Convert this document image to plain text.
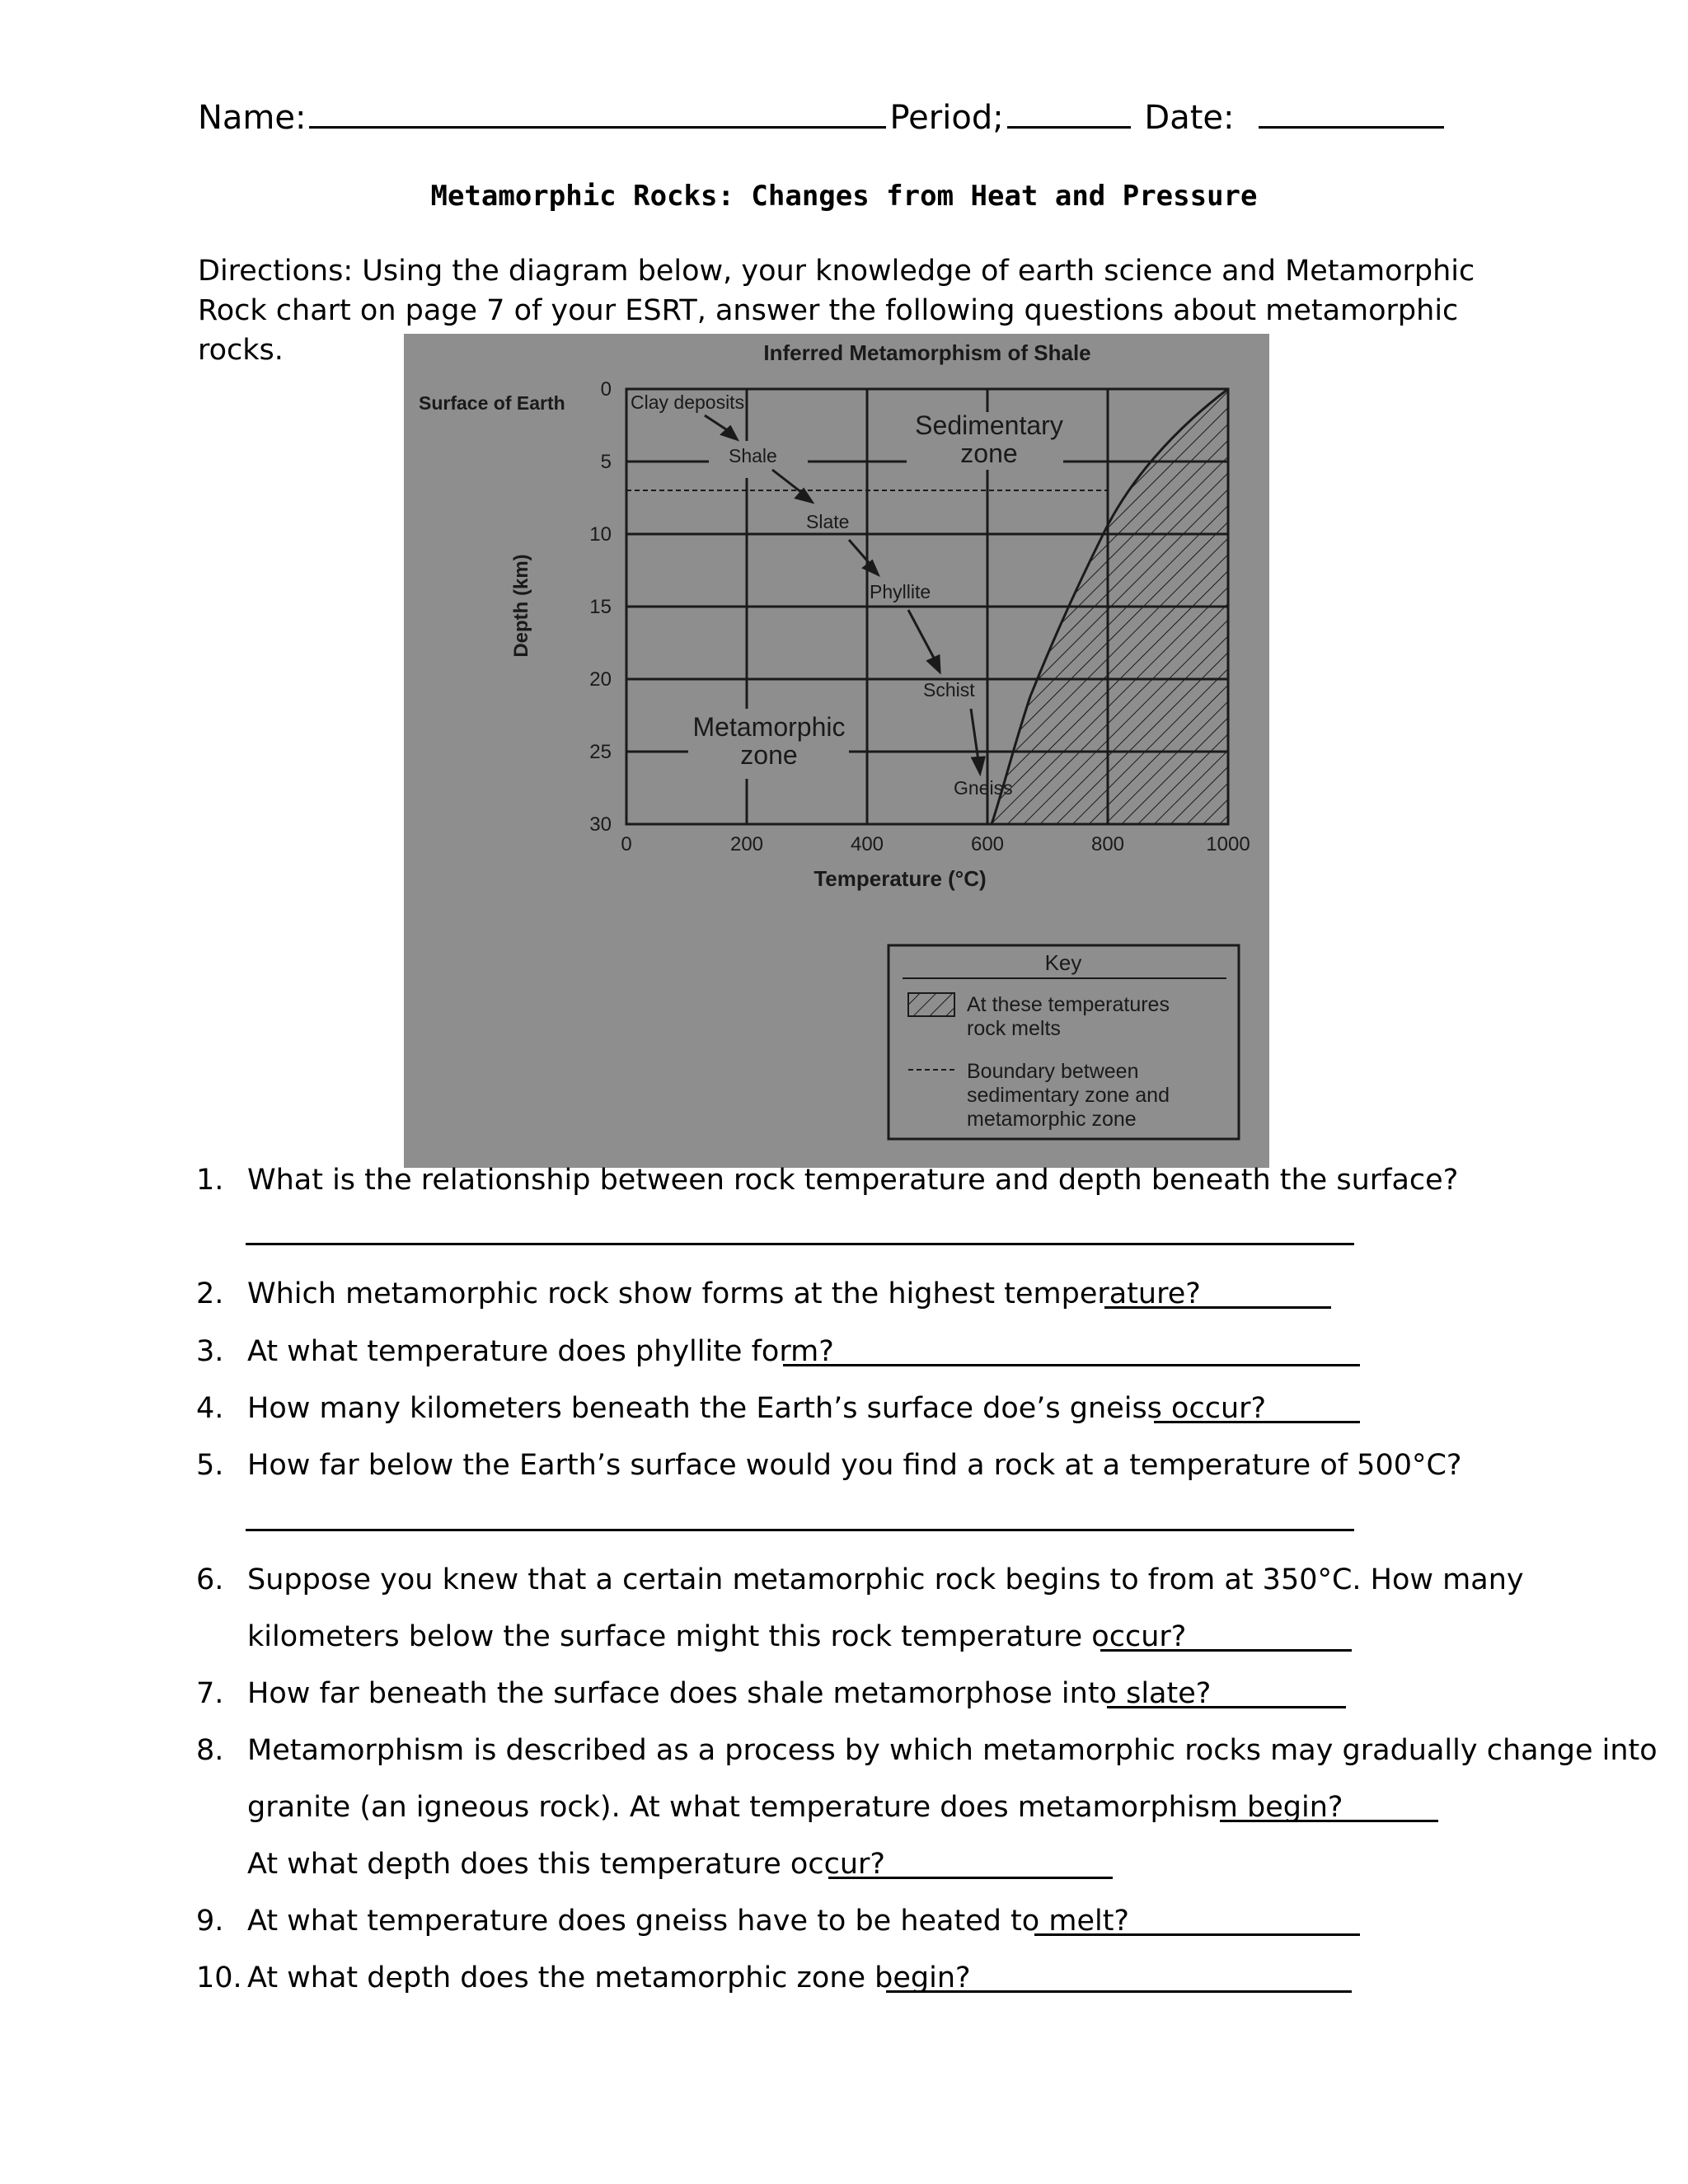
Name:	Period;	Date:
Metamorphic Rocks: Changes from Heat and Pressure
Directions: Using the diagram below, your knowledge of earth science and Metamorphic Rock chart on page 7 of your ESRT, answer the following questions about metamorphic rocks.	Inferred Metamorphism of Shale
Surface of Earth
Depth (km)
Temperature (°C)
0
5
10
15
20
25
30
0	200	400	600	800	1000
Clay deposits
Shale
Slate
Phyllite
Schist
Gneiss
Sedimentary
zone
Metamorphic
zone
Key
At these temperatures
rock melts
Boundary between
sedimentary zone and
metamorphic zone
1. What is the relationship between rock temperature and depth beneath the surface?
2. Which metamorphic rock show forms at the highest temperature?
3. At what temperature does phyllite form?
4. How many kilometers beneath the Earth’s surface doe’s gneiss occur?
5. How far below the Earth’s surface would you find a rock at a temperature of 500°C?
6. Suppose you knew that a certain metamorphic rock begins to from at 350°C. How many
kilometers below the surface might this rock temperature occur?
7. How far beneath the surface does shale metamorphose into slate?
8. Metamorphism is described as a process by which metamorphic rocks may gradually change into
granite (an igneous rock). At what temperature does metamorphism begin?
At what depth does this temperature occur?
9. At what temperature does gneiss have to be heated to melt?
10. At what depth does the metamorphic zone begin?
